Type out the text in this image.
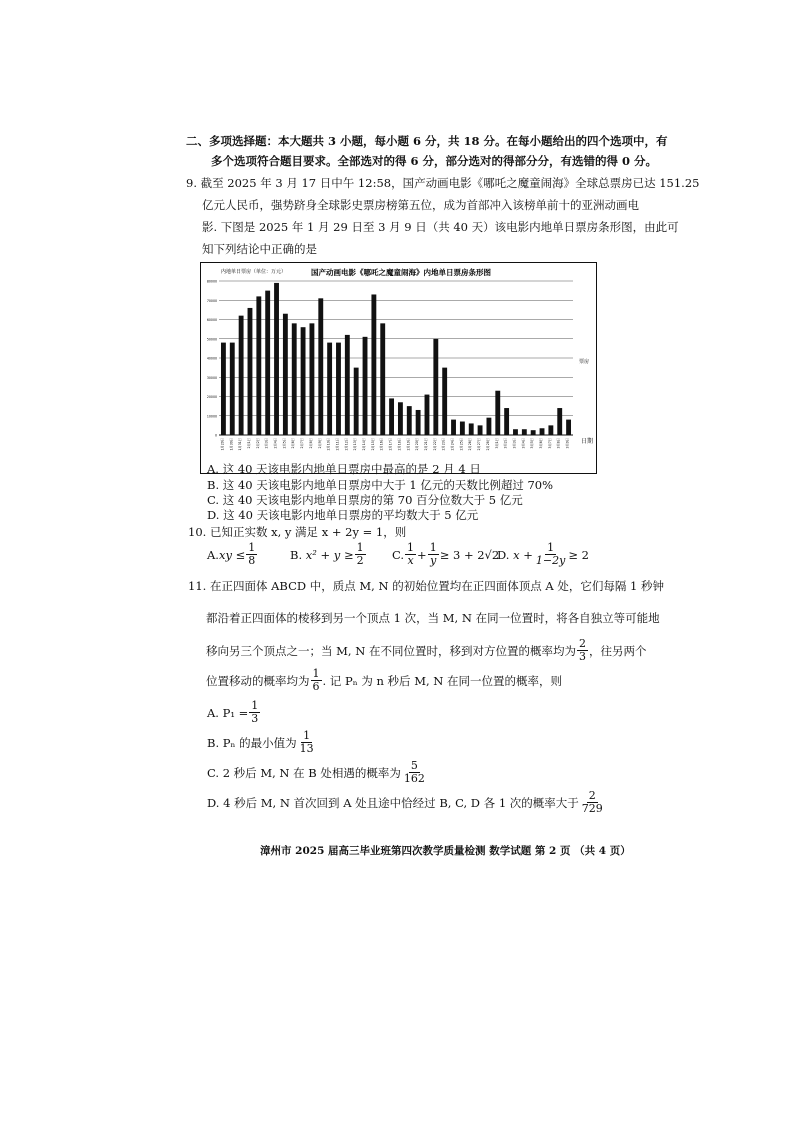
二、多项选择题：本大题共 3 小题，每小题 6 分，共 18 分。在每小题给出的四个选项中，有
多个选项符合题目要求。全部选对的得 6 分，部分选对的得部分分，有选错的得 0 分。
9. 截至 2025 年 3 月 17 日中午 12:58，国产动画电影《哪吒之魔童闹海》全球总票房已达 151.25
亿元人民币，强势跻身全球影史票房榜第五位，成为首部冲入该榜单前十的亚洲动画电
影. 下图是 2025 年 1 月 29 日至 3 月 9 日（共 40 天）该电影内地单日票房条形图，由此可
知下列结论中正确的是
国产动画电影《哪吒之魔童闹海》内地单日票房条形图
内地单日票房（单位：万元）
日期
票房
0
10000
20000
30000
40000
50000
60000
70000
80000
1月29日	1月30日	1月31日	2月1日	2月2日	2月3日	2月4日	2月5日	2月6日	2月7日	2月8日	2月9日	2月10日	2月11日	2月12日	2月13日	2月14日	2月15日	2月16日	2月17日	2月18日	2月19日	2月20日	2月21日	2月22日	2月23日	2月24日	2月25日	2月26日	2月27日	2月28日	3月1日	3月2日	3月3日	3月4日	3月5日	3月6日	3月7日	3月8日	3月9日
A. 这 40 天该电影内地单日票房中最高的是 2 月 4 日
B. 这 40 天该电影内地单日票房中大于 1 亿元的天数比例超过 70%
C. 这 40 天该电影内地单日票房的第 70 百分位数大于 5 亿元
D. 这 40 天该电影内地单日票房的平均数大于 5 亿元
10. 已知正实数 x, y 满足 x + 2y = 1，则
A. xy ≤ $\frac{1}{8}$	B.
$x^2 + y \ge \frac{1}{2} C$. $\frac{1}{x} + \frac{1}{y} \ge 3 + 2√2$
D.
$x + \frac{1}{1-2y} \ge 2$
11. 在正四面体 ABCD 中，质点 M, N 的初始位置均在正四面体顶点 A 处，它们每隔 1 秒钟
都沿着正四面体的棱移到另一个顶点 1 次，当 M, N 在同一位置时，将各自独立等可能地
移向另三个顶点之一；当 M, N 在不同位置时，移到对方位置的概率均为 $\frac{2}{3}$ ，往另两个
位置移动的概率均为 $\frac{1}{6}$ . 记 Pₙ 为 n 秒后 M, N 在同一位置的概率，则
A. $P_1 = \frac{1}{3}$
B. Pₙ 的最小值为 $\frac{1}{13}$
C. 2 秒后 M, N 在 B 处相遇的概率为 $\frac{5}{162}$
D. 4 秒后 M, N 首次回到 A 处且途中恰经过 B, C, D 各 1 次的概率大于 $\frac{2}{729}$
漳州市 2025 届高三毕业班第四次教学质量检测 数学试题 第 2 页 （共 4 页）
